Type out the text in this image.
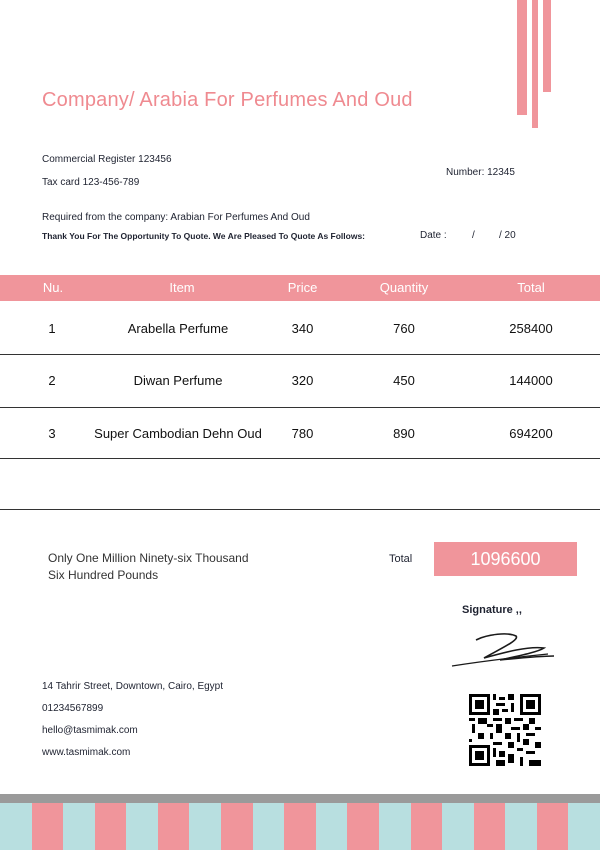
Company/ Arabia For Perfumes And Oud
Commercial Register 123456
Tax card 123-456-789
Number: 12345
Required from the company: Arabian For Perfumes And Oud
Thank You For The Opportunity To Quote. We Are Pleased To Quote As Follows:	Date :	/ / 20
Nu.	Item	Price	Quantity	Total
1	Arabella Perfume	340	760	258400
2	Diwan Perfume	320	450	144000
3	Super Cambodian Dehn Oud	780	890	694200
Only One Million Ninety-six Thousand
Six Hundred Pounds
Total	1096600
Signature ,,
14 Tahrir Street, Downtown, Cairo, Egypt
01234567899
hello@tasmimak.com
www.tasmimak.com
